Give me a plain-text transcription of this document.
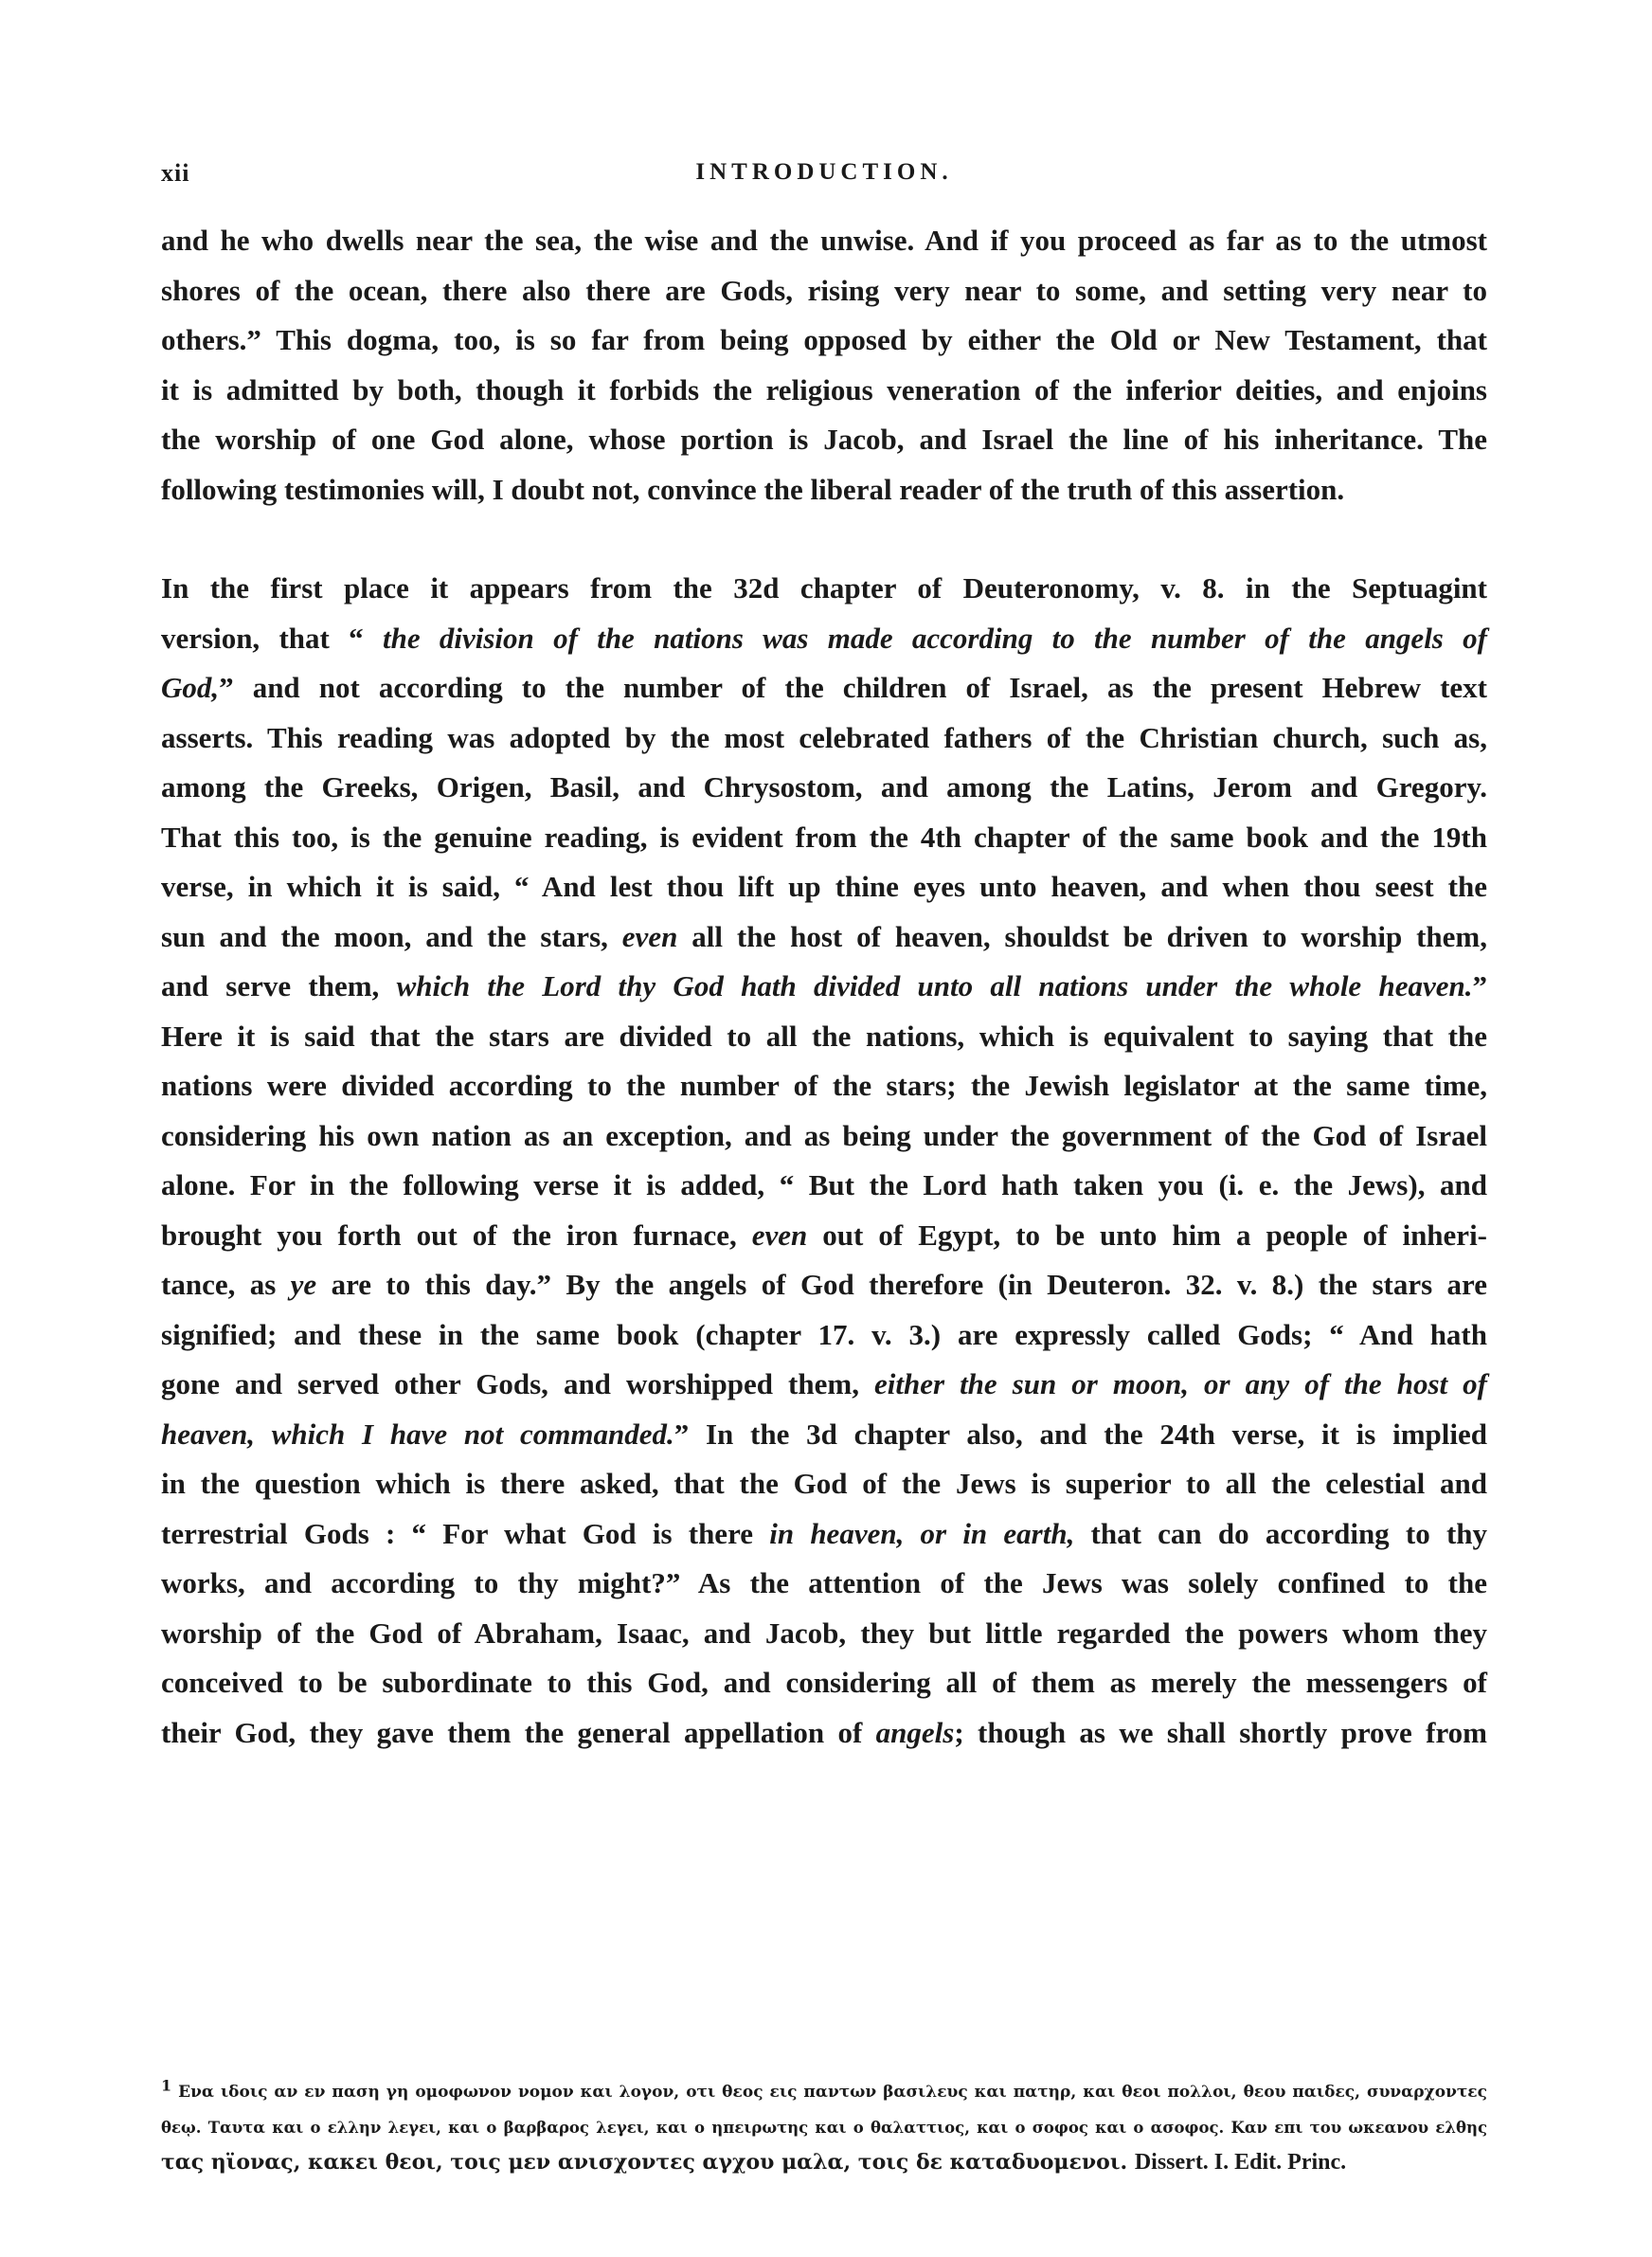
xii	INTRODUCTION.

and he who dwells near the sea, the wise and the unwise. And if you proceed as far as to the utmost
shores of the ocean, there also there are Gods, rising very near to some, and setting very near to
others.” This dogma, too, is so far from being opposed by either the Old or New Testament, that
it is admitted by both, though it forbids the religious veneration of the inferior deities, and enjoins
the worship of one God alone, whose portion is Jacob, and Israel the line of his inheritance. The
following testimonies will, I doubt not, convince the liberal reader of the truth of this assertion.

In the first place it appears from the 32d chapter of Deuteronomy, v. 8. in the Septuagint
version, that “ the division of the nations was made according to the number of the angels of
God,” and not according to the number of the children of Israel, as the present Hebrew text
asserts. This reading was adopted by the most celebrated fathers of the Christian church, such as,
among the Greeks, Origen, Basil, and Chrysostom, and among the Latins, Jerom and Gregory.
That this too, is the genuine reading, is evident from the 4th chapter of the same book and the 19th
verse, in which it is said, “ And lest thou lift up thine eyes unto heaven, and when thou seest the
sun and the moon, and the stars, even all the host of heaven, shouldst be driven to worship them,
and serve them, which the Lord thy God hath divided unto all nations under the whole heaven.”
Here it is said that the stars are divided to all the nations, which is equivalent to saying that the
nations were divided according to the number of the stars; the Jewish legislator at the same time,
considering his own nation as an exception, and as being under the government of the God of Israel
alone. For in the following verse it is added, “ But the Lord hath taken you (i. e. the Jews), and
brought you forth out of the iron furnace, even out of Egypt, to be unto him a people of inheri-
tance, as ye are to this day.” By the angels of God therefore (in Deuteron. 32. v. 8.) the stars are
signified; and these in the same book (chapter 17. v. 3.) are expressly called Gods; “ And hath
gone and served other Gods, and worshipped them, either the sun or moon, or any of the host of
heaven, which I have not commanded.” In the 3d chapter also, and the 24th verse, it is implied
in the question which is there asked, that the God of the Jews is superior to all the celestial and
terrestrial Gods : “ For what God is there in heaven, or in earth, that can do according to thy
works, and according to thy might?” As the attention of the Jews was solely confined to the
worship of the God of Abraham, Isaac, and Jacob, they but little regarded the powers whom they
conceived to be subordinate to this God, and considering all of them as merely the messengers of
their God, they gave them the general appellation of angels; though as we shall shortly prove from

$^1$ Ενα ιδοις αν εν παση γη ομοφωνον νομον και λογον, οτι θεος εις παντων βασιλευς και πατηρ, και θεοι πολλοι, θεου παιδες, συναρχοντες
θεῳ. Ταυτα και ο ελλην λεγει, και ο βαρβαρος λεγει, και ο ηπειρωτης και ο θαλαττιος, και ο σοφος και ο ασοφος. Καν επι του ωκεανου ελθης
τας ηϊονας, κακει θεοι, τοις μεν ανισχοντες αγχου μαλα, τοις δε καταδυομενοι. Dissert. I. Edit. Princ.
